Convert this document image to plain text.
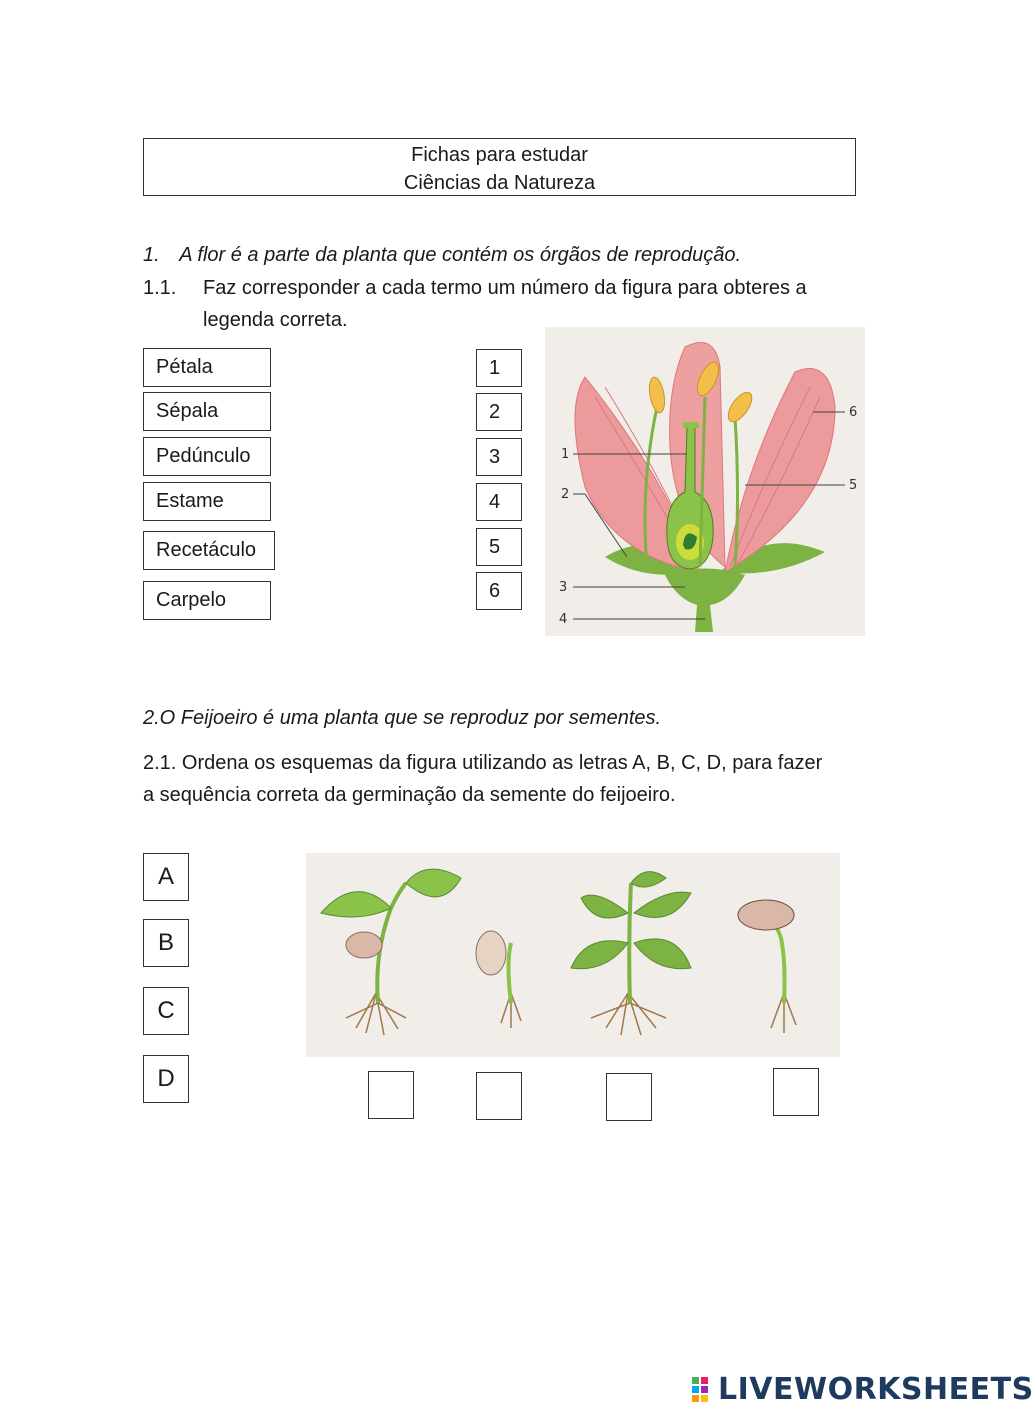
Fichas para estudar
Ciências da Natureza
1. A flor é a parte da planta que contém os órgãos de reprodução.
1.1. Faz corresponder a cada termo um número da figura para obteres a
legenda correta.
Pétala
Sépala
Pedúnculo
Estame
Recetáculo
Carpelo
1
2
3
4
5
6
1
2
3
4
5
6
2.O Feijoeiro é uma planta que se reproduz por sementes.
2.1. Ordena os esquemas da figura utilizando as letras A, B, C, D, para fazer
a sequência correta da germinação da semente do feijoeiro.
A
B
C
D
LIVEWORKSHEETS
